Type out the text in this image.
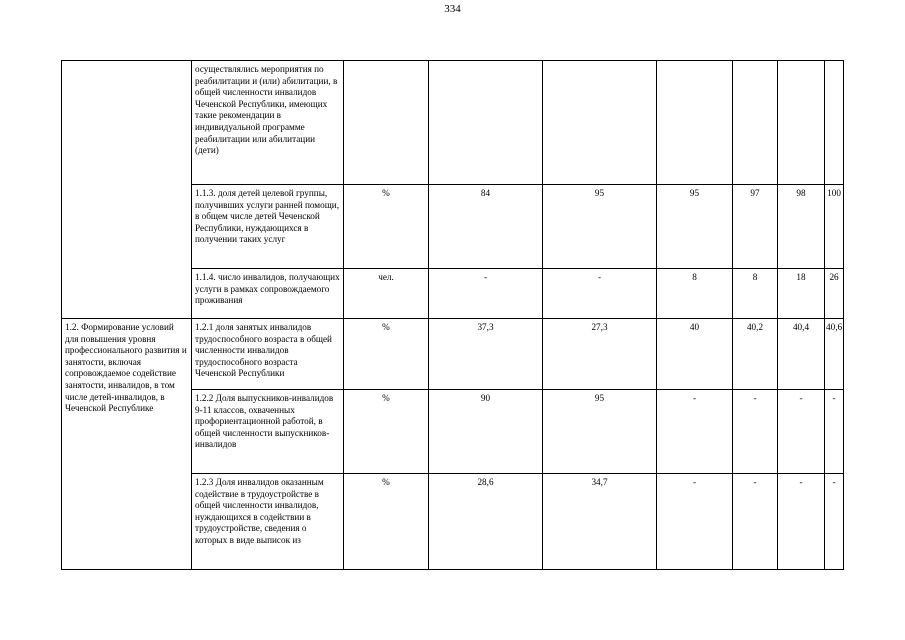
334
	осуществлялись мероприятия по реабилитации и (или) абилитации, в общей численности инвалидов Чеченской Республики, имеющих такие рекомендации в индивидуальной программе реабилитации или абилитации (дети)							
	1.1.3. доля детей целевой группы, получивших услуги ранней помощи, в общем числе детей Чеченской Республики, нуждающихся в получении таких услуг	%	84	95	95	97	98	100
	1.1.4. число инвалидов, получающих услуги в рамках сопровождаемого проживания	чел.	-	-	8	8	18	26
1.2. Формирование условий для повышения уровня профессионального развития и занятости, включая сопровождаемое содействие занятости, инвалидов, в том числе детей-инвалидов, в Чеченской Республике	1.2.1 доля занятых инвалидов трудоспособного возраста в общей численности инвалидов трудоспособного возраста Чеченской Республики	%	37,3	27,3	40	40,2	40,4	40,6
	1.2.2 Доля выпускников-инвалидов 9-11 классов, охваченных профориентационной работой, в общей численности выпускников-инвалидов	%	90	95	-	-	-	-
	1.2.3 Доля инвалидов оказанным содействие в трудоустройстве в общей численности инвалидов, нуждающихся в содействии в трудоустройстве, сведения о которых в виде выписок из	%	28,6	34,7	-	-	-	-
